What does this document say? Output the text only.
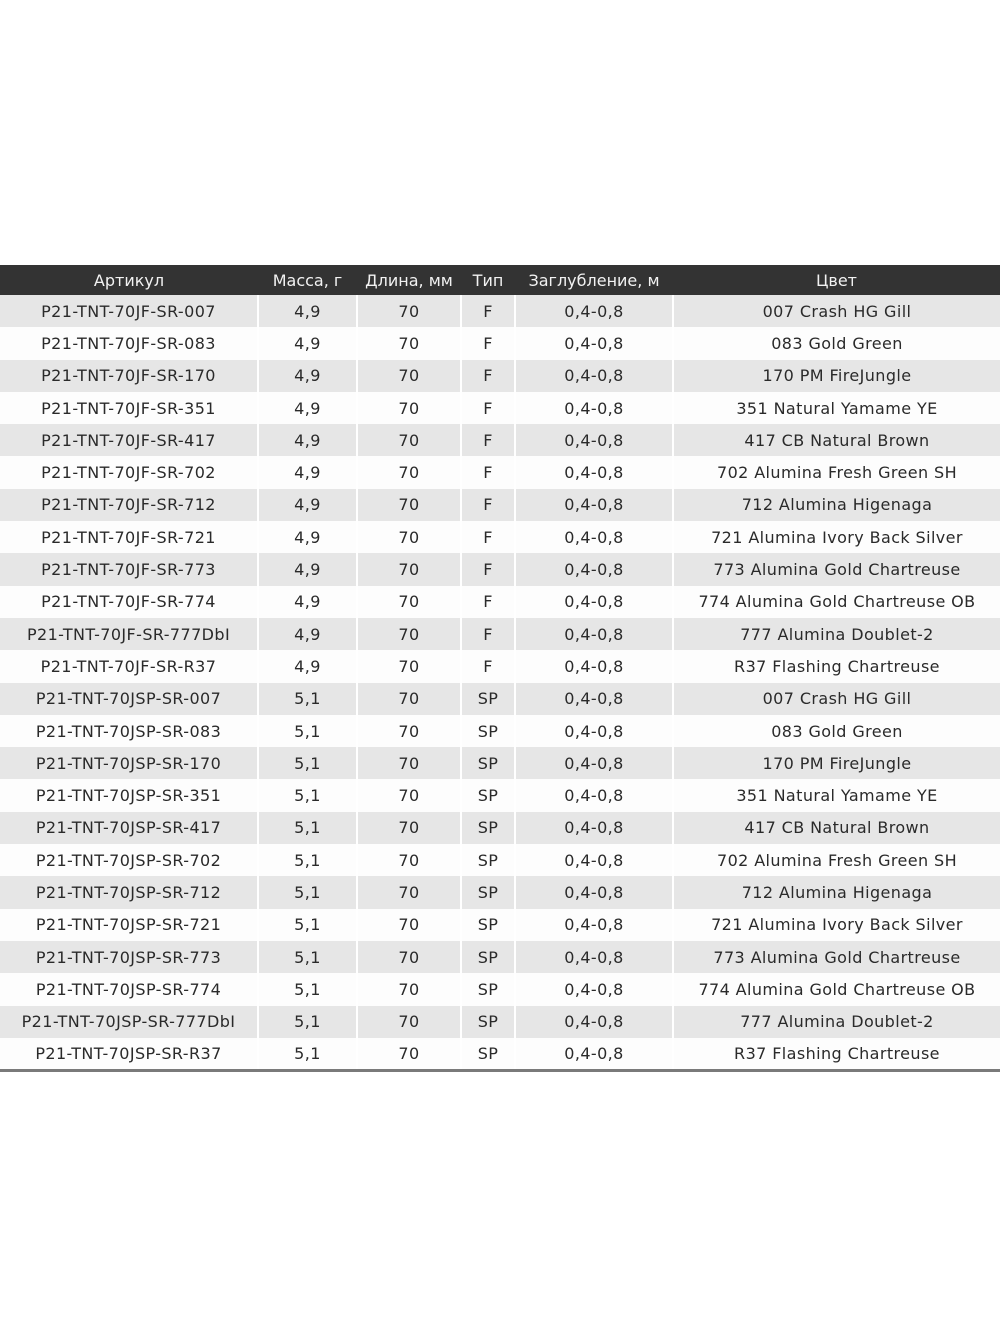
Артикул	Масса, г	Длина, мм	Тип	Заглубление, м	Цвет
P21-TNT-70JF-SR-007	4,9	70	F	0,4-0,8	007 Crash HG Gill
P21-TNT-70JF-SR-083	4,9	70	F	0,4-0,8	083 Gold Green
P21-TNT-70JF-SR-170	4,9	70	F	0,4-0,8	170 PM FireJungle
P21-TNT-70JF-SR-351	4,9	70	F	0,4-0,8	351 Natural Yamame YE
P21-TNT-70JF-SR-417	4,9	70	F	0,4-0,8	417 CB Natural Brown
P21-TNT-70JF-SR-702	4,9	70	F	0,4-0,8	702 Alumina Fresh Green SH
P21-TNT-70JF-SR-712	4,9	70	F	0,4-0,8	712 Alumina Higenaga
P21-TNT-70JF-SR-721	4,9	70	F	0,4-0,8	721 Alumina Ivory Back Silver
P21-TNT-70JF-SR-773	4,9	70	F	0,4-0,8	773 Alumina Gold Chartreuse
P21-TNT-70JF-SR-774	4,9	70	F	0,4-0,8	774 Alumina Gold Chartreuse OB
P21-TNT-70JF-SR-777DbI	4,9	70	F	0,4-0,8	777 Alumina Doublet-2
P21-TNT-70JF-SR-R37	4,9	70	F	0,4-0,8	R37 Flashing Chartreuse
P21-TNT-70JSP-SR-007	5,1	70	SP	0,4-0,8	007 Crash HG Gill
P21-TNT-70JSP-SR-083	5,1	70	SP	0,4-0,8	083 Gold Green
P21-TNT-70JSP-SR-170	5,1	70	SP	0,4-0,8	170 PM FireJungle
P21-TNT-70JSP-SR-351	5,1	70	SP	0,4-0,8	351 Natural Yamame YE
P21-TNT-70JSP-SR-417	5,1	70	SP	0,4-0,8	417 CB Natural Brown
P21-TNT-70JSP-SR-702	5,1	70	SP	0,4-0,8	702 Alumina Fresh Green SH
P21-TNT-70JSP-SR-712	5,1	70	SP	0,4-0,8	712 Alumina Higenaga
P21-TNT-70JSP-SR-721	5,1	70	SP	0,4-0,8	721 Alumina Ivory Back Silver
P21-TNT-70JSP-SR-773	5,1	70	SP	0,4-0,8	773 Alumina Gold Chartreuse
P21-TNT-70JSP-SR-774	5,1	70	SP	0,4-0,8	774 Alumina Gold Chartreuse OB
P21-TNT-70JSP-SR-777DbI	5,1	70	SP	0,4-0,8	777 Alumina Doublet-2
P21-TNT-70JSP-SR-R37	5,1	70	SP	0,4-0,8	R37 Flashing Chartreuse
